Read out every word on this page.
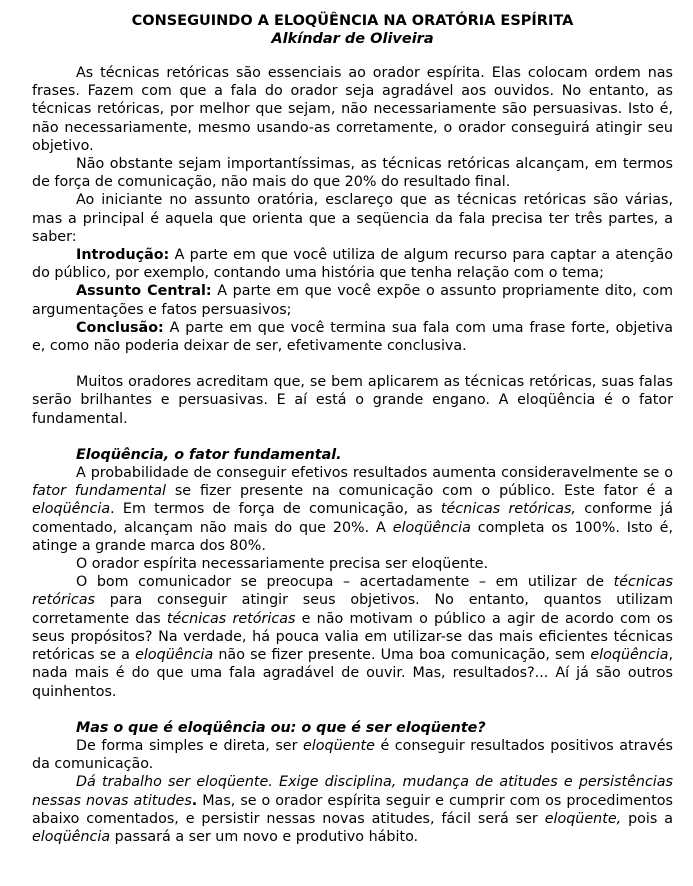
CONSEGUINDO A ELOQÜÊNCIA NA ORATÓRIA ESPÍRITA
Alkíndar de Oliveira

As técnicas retóricas são essenciais ao orador espírita. Elas colocam ordem nas frases. Fazem com que a fala do orador seja agradável aos ouvidos. No entanto, as técnicas retóricas, por melhor que sejam, não necessariamente são persuasivas. Isto é, não necessariamente, mesmo usando-as corretamente, o orador conseguirá atingir seu objetivo.

Não obstante sejam importantíssimas, as técnicas retóricas alcançam, em termos de força de comunicação, não mais do que 20% do resultado final.

Ao iniciante no assunto oratória, esclareço que as técnicas retóricas são várias, mas a principal é aquela que orienta que a seqüencia da fala precisa ter três partes, a saber:

Introdução: A parte em que você utiliza de algum recurso para captar a atenção do público, por exemplo, contando uma história que tenha relação com o tema;

Assunto Central: A parte em que você expõe o assunto propriamente dito, com argumentações e fatos persuasivos;

Conclusão: A parte em que você termina sua fala com uma frase forte, objetiva e, como não poderia deixar de ser, efetivamente conclusiva.

Muitos oradores acreditam que, se bem aplicarem as técnicas retóricas, suas falas serão brilhantes e persuasivas. E aí está o grande engano. A eloqüência é o fator fundamental.

Eloqüência, o fator fundamental.

A probabilidade de conseguir efetivos resultados aumenta consideravelmente se o fator fundamental se fizer presente na comunicação com o público. Este fator é a eloqüência. Em termos de força de comunicação, as técnicas retóricas, conforme já comentado, alcançam não mais do que 20%. A eloqüência completa os 100%. Isto é, atinge a grande marca dos 80%.

O orador espírita necessariamente precisa ser eloqüente.

O bom comunicador se preocupa – acertadamente – em utilizar de técnicas retóricas para conseguir atingir seus objetivos. No entanto, quantos utilizam corretamente das técnicas retóricas e não motivam o público a agir de acordo com os seus propósitos? Na verdade, há pouca valia em utilizar-se das mais eficientes técnicas retóricas se a eloqüência não se fizer presente. Uma boa comunicação, sem eloqüência, nada mais é do que uma fala agradável de ouvir. Mas, resultados?... Aí já são outros quinhentos.

Mas o que é eloqüência ou: o que é ser eloqüente?

De forma simples e direta, ser eloqüente é conseguir resultados positivos através da comunicação.

Dá trabalho ser eloqüente. Exige disciplina, mudança de atitudes e persistências nessas novas atitudes. Mas, se o orador espírita seguir e cumprir com os procedimentos abaixo comentados, e persistir nessas novas atitudes, fácil será ser eloqüente, pois a eloqüência passará a ser um novo e produtivo hábito.
